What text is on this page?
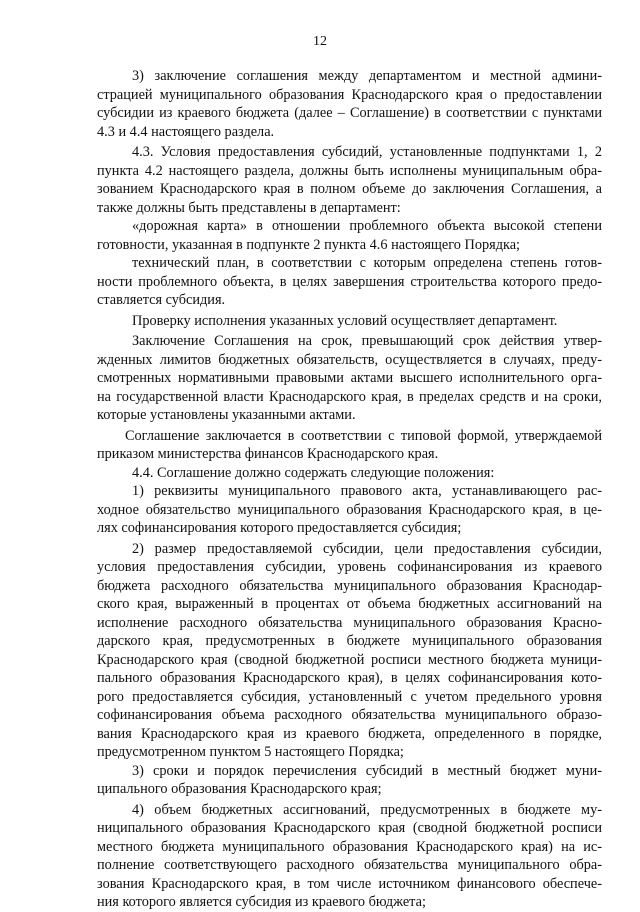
12
3) заключение соглашения между департаментом и местной админи-
страцией муниципального образования Краснодарского края о предоставлении
субсидии из краевого бюджета (далее – Соглашение) в соответствии с пунктами
4.3 и 4.4 настоящего раздела.
4.3. Условия предоставления субсидий, установленные подпунктами 1, 2
пункта 4.2 настоящего раздела, должны быть исполнены муниципальным обра-
зованием Краснодарского края в полном объеме до заключения Соглашения, а
также должны быть представлены в департамент:
«дорожная карта» в отношении проблемного объекта высокой степени
готовности, указанная в подпункте 2 пункта 4.6 настоящего Порядка;
технический план, в соответствии с которым определена степень готов-
ности проблемного объекта, в целях завершения строительства которого предо-
ставляется субсидия.
Проверку исполнения указанных условий осуществляет департамент.
Заключение Соглашения на срок, превышающий срок действия утвер-
жденных лимитов бюджетных обязательств, осуществляется в случаях, преду-
смотренных нормативными правовыми актами высшего исполнительного орга-
на государственной власти Краснодарского края, в пределах средств и на сроки,
которые установлены указанными актами.
Соглашение заключается в соответствии с типовой формой, утверждаемой
приказом министерства финансов Краснодарского края.
4.4. Соглашение должно содержать следующие положения:
1) реквизиты муниципального правового акта, устанавливающего рас-
ходное обязательство муниципального образования Краснодарского края, в це-
лях софинансирования которого предоставляется субсидия;
2) размер предоставляемой субсидии, цели предоставления субсидии,
условия предоставления субсидии, уровень софинансирования из краевого
бюджета расходного обязательства муниципального образования Краснодар-
ского края, выраженный в процентах от объема бюджетных ассигнований на
исполнение расходного обязательства муниципального образования Красно-
дарского края, предусмотренных в бюджете муниципального образования
Краснодарского края (сводной бюджетной росписи местного бюджета муници-
пального образования Краснодарского края), в целях софинансирования кото-
рого предоставляется субсидия, установленный с учетом предельного уровня
софинансирования объема расходного обязательства муниципального образо-
вания Краснодарского края из краевого бюджета, определенного в порядке,
предусмотренном пунктом 5 настоящего Порядка;
3) сроки и порядок перечисления субсидий в местный бюджет муни-
ципального образования Краснодарского края;
4) объем бюджетных ассигнований, предусмотренных в бюджете му-
ниципального образования Краснодарского края (сводной бюджетной росписи
местного бюджета муниципального образования Краснодарского края) на ис-
полнение соответствующего расходного обязательства муниципального обра-
зования Краснодарского края, в том числе источником финансового обеспече-
ния которого является субсидия из краевого бюджета;
